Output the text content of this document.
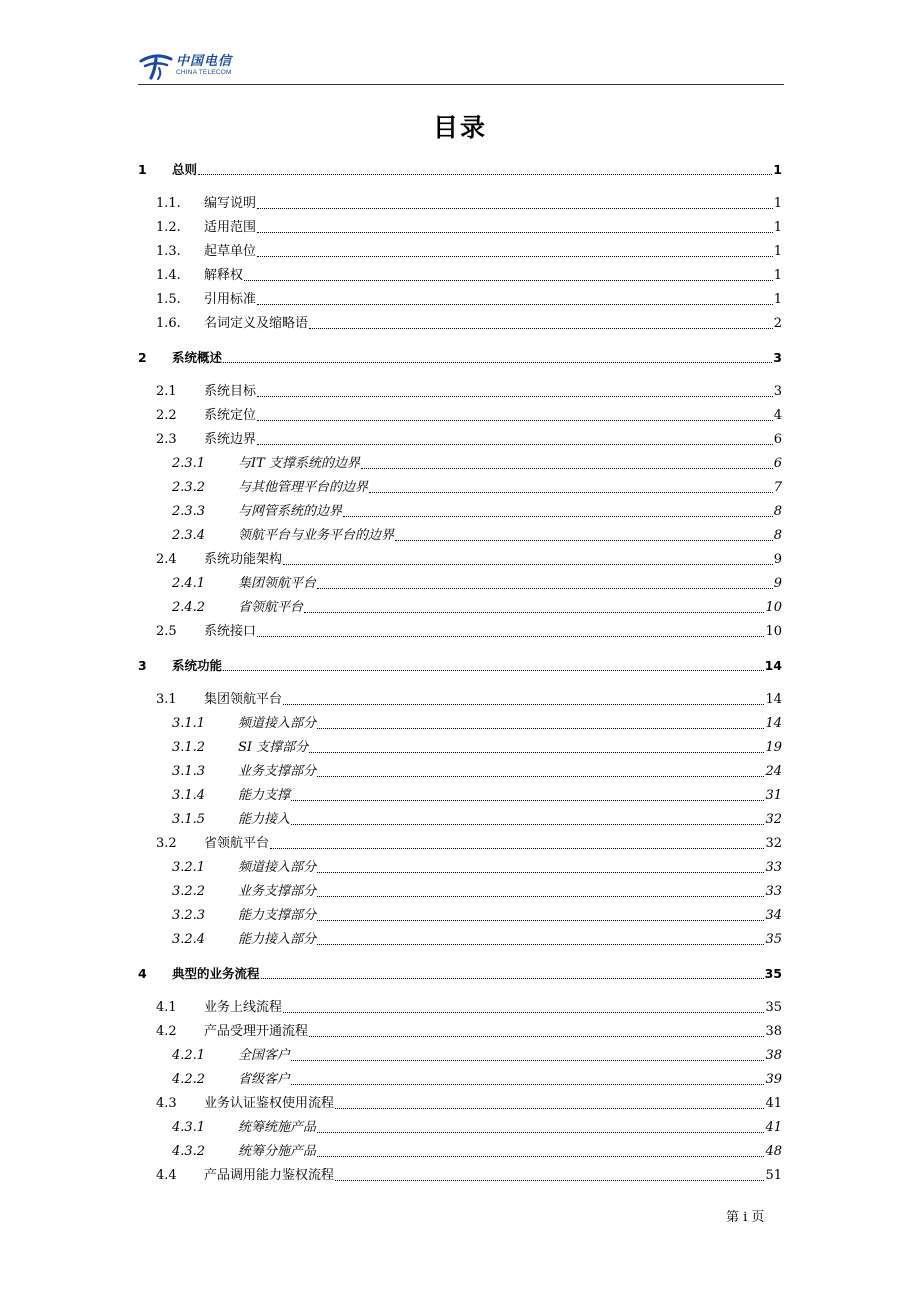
中国电信
CHINA TELECOM
目录
1	总则	1
1.1.	编写说明	1
1.2.	适用范围	1
1.3.	起草单位	1
1.4.	解释权	1
1.5.	引用标准	1
1.6.	名词定义及缩略语	2
2	系统概述	3
2.1	系统目标	3
2.2	系统定位	4
2.3	系统边界	6
2.3.1	与IT 支撑系统的边界	6
2.3.2	与其他管理平台的边界	7
2.3.3	与网管系统的边界	8
2.3.4	领航平台与业务平台的边界	8
2.4	系统功能架构	9
2.4.1	集团领航平台	9
2.4.2	省领航平台	10
2.5	系统接口	10
3	系统功能	14
3.1	集团领航平台	14
3.1.1	频道接入部分	14
3.1.2	SI 支撑部分	19
3.1.3	业务支撑部分	24
3.1.4	能力支撑	31
3.1.5	能力接入	32
3.2	省领航平台	32
3.2.1	频道接入部分	33
3.2.2	业务支撑部分	33
3.2.3	能力支撑部分	34
3.2.4	能力接入部分	35
4	典型的业务流程	35
4.1	业务上线流程	35
4.2	产品受理开通流程	38
4.2.1	全国客户	38
4.2.2	省级客户	39
4.3	业务认证鉴权使用流程	41
4.3.1	统筹统施产品	41
4.3.2	统筹分施产品	48
4.4	产品调用能力鉴权流程	51
第 i 页
